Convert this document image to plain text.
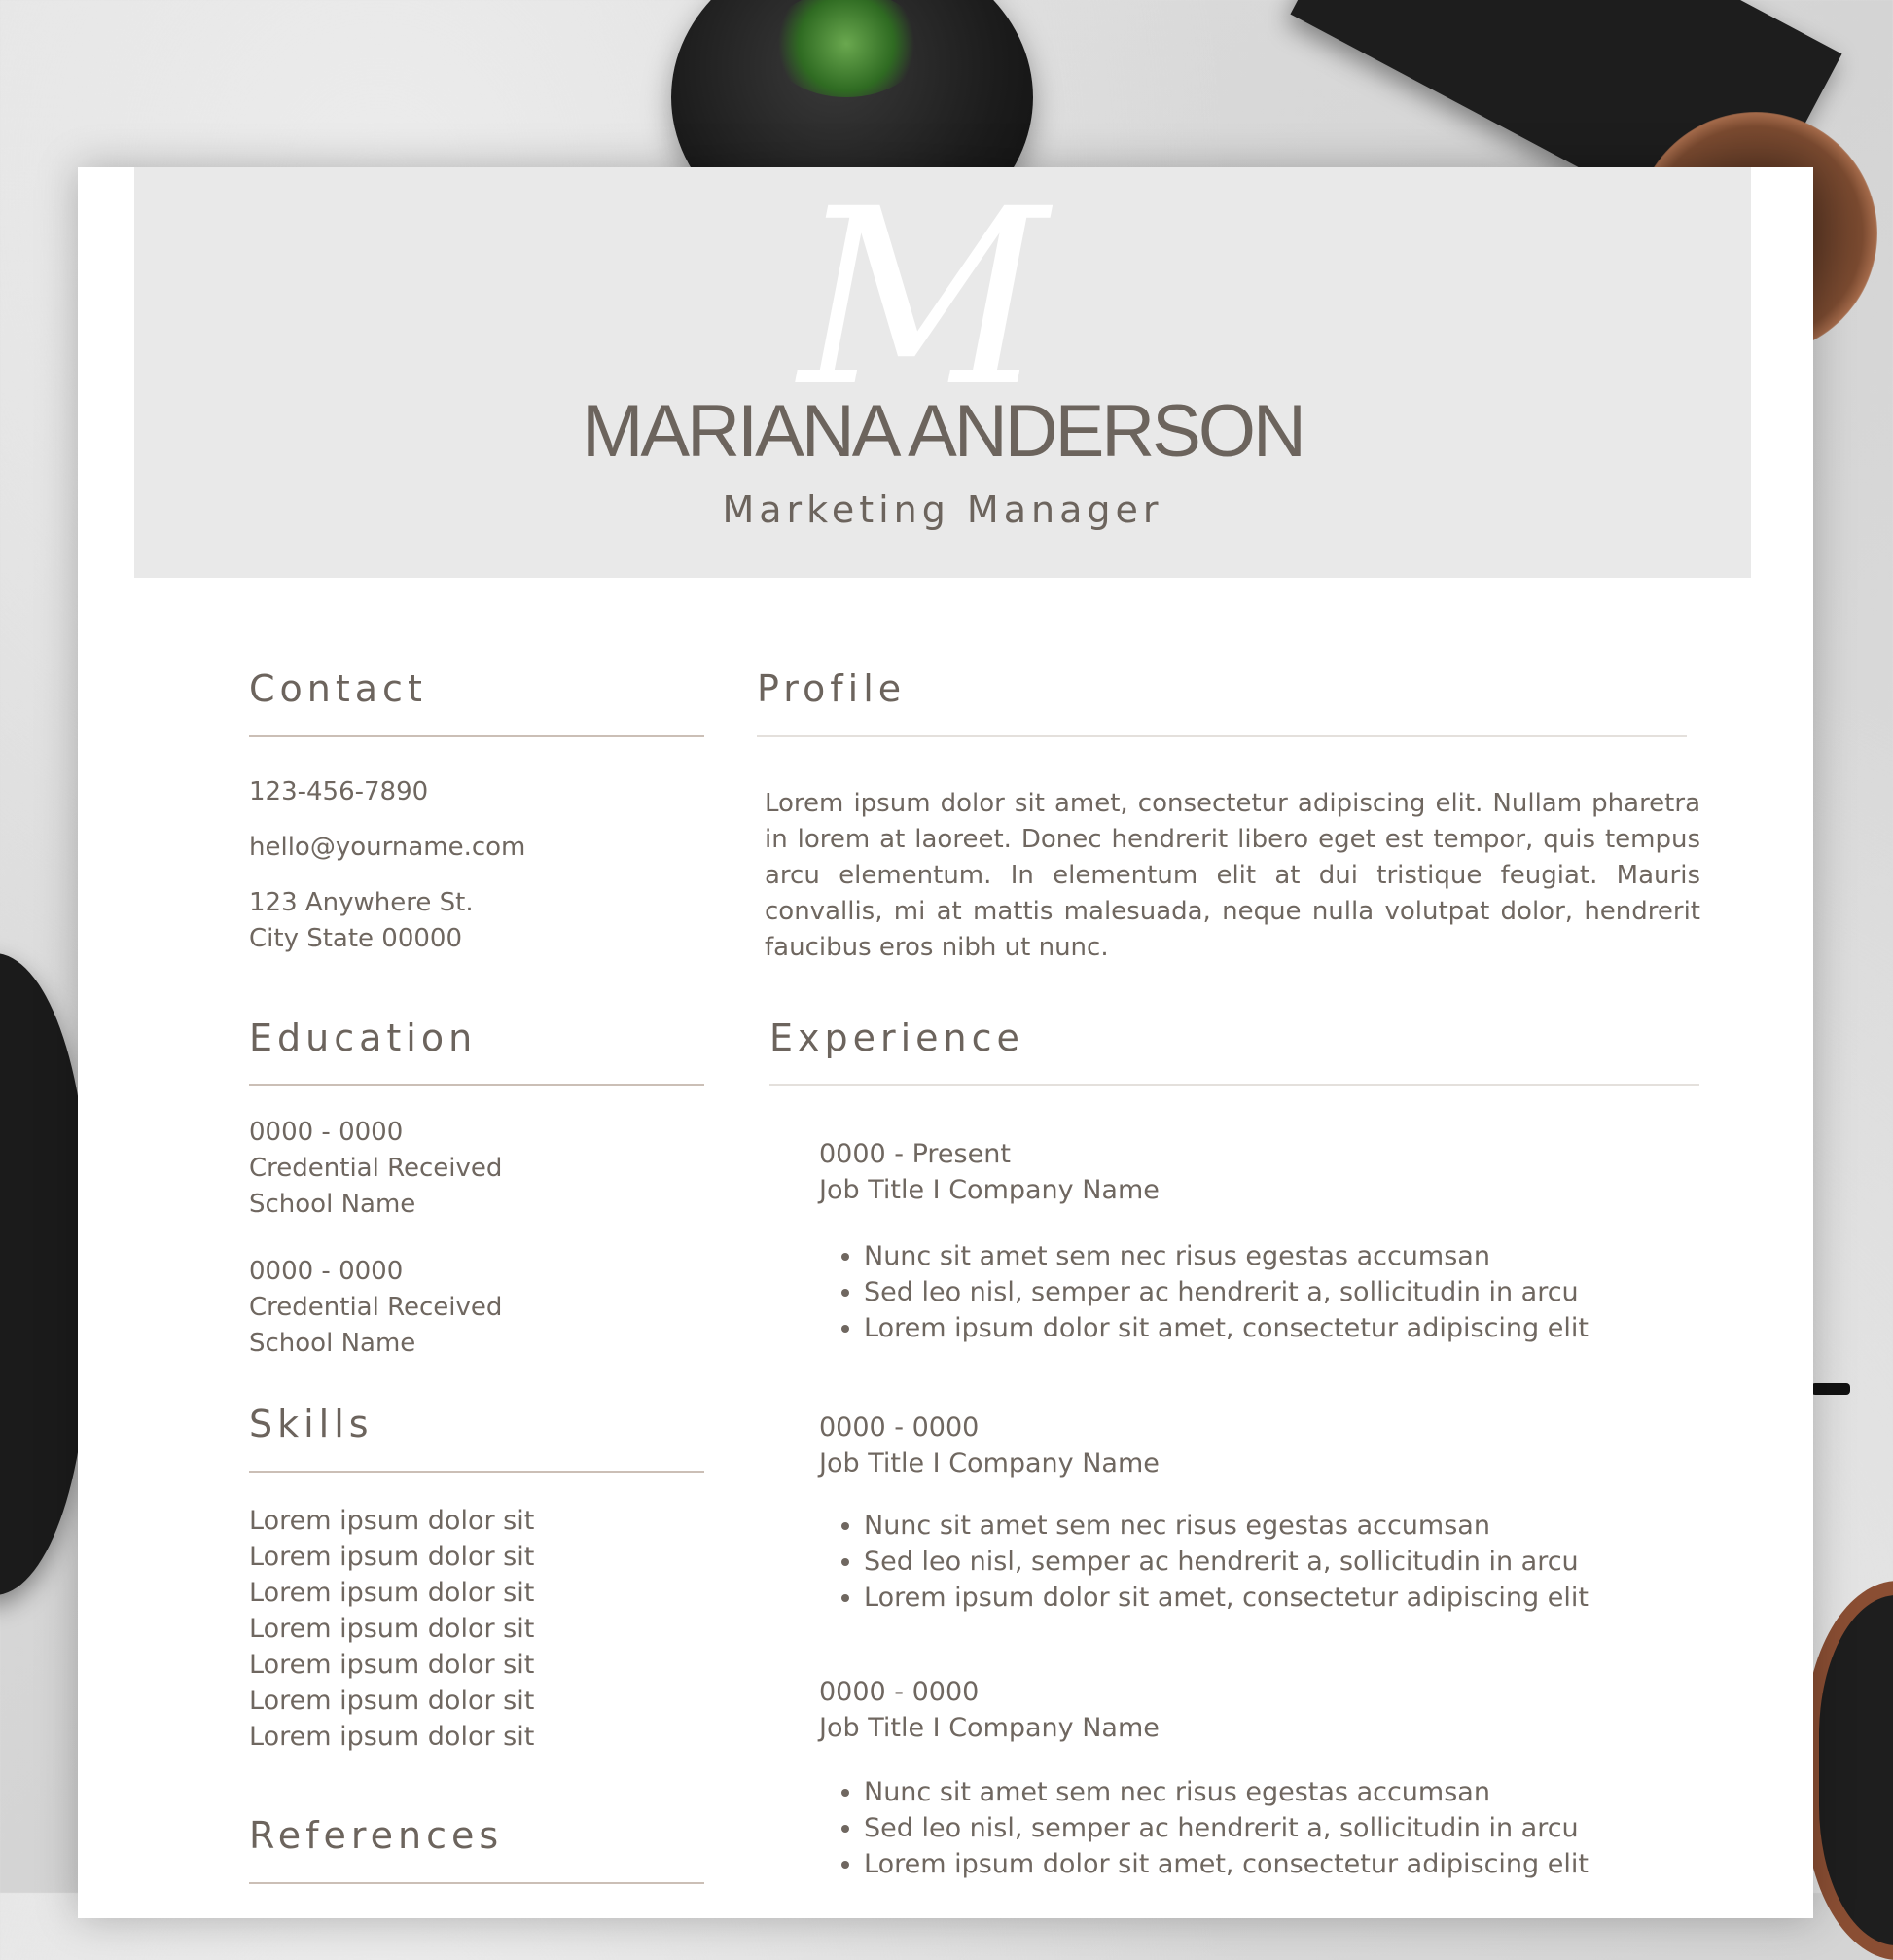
M
MARIANA ANDERSON
Marketing Manager
Contact
123-456-7890
hello@yourname.com
123 Anywhere St.
City State 00000
Education
0000 - 0000
Credential Received
School Name
0000 - 0000
Credential Received
School Name
Skills
Lorem ipsum dolor sit
Lorem ipsum dolor sit
Lorem ipsum dolor sit
Lorem ipsum dolor sit
Lorem ipsum dolor sit
Lorem ipsum dolor sit
Lorem ipsum dolor sit
References
Profile

Lorem ipsum dolor sit amet, consectetur adipiscing elit. Nullam pharetra in lorem at laoreet. Donec hendrerit libero eget est tempor, quis tempus arcu elementum. In elementum elit at dui tristique feugiat. Mauris convallis, mi at mattis malesuada, neque nulla volutpat dolor, hendrerit faucibus eros nibh ut nunc.

Experience
0000 - Present
Job Title I Company Name
• Nunc sit amet sem nec risus egestas accumsan
• Sed leo nisl, semper ac hendrerit a, sollicitudin in arcu
• Lorem ipsum dolor sit amet, consectetur adipiscing elit
0000 - 0000
Job Title I Company Name
• Nunc sit amet sem nec risus egestas accumsan
• Sed leo nisl, semper ac hendrerit a, sollicitudin in arcu
• Lorem ipsum dolor sit amet, consectetur adipiscing elit
0000 - 0000
Job Title I Company Name
• Nunc sit amet sem nec risus egestas accumsan
• Sed leo nisl, semper ac hendrerit a, sollicitudin in arcu
• Lorem ipsum dolor sit amet, consectetur adipiscing elit
